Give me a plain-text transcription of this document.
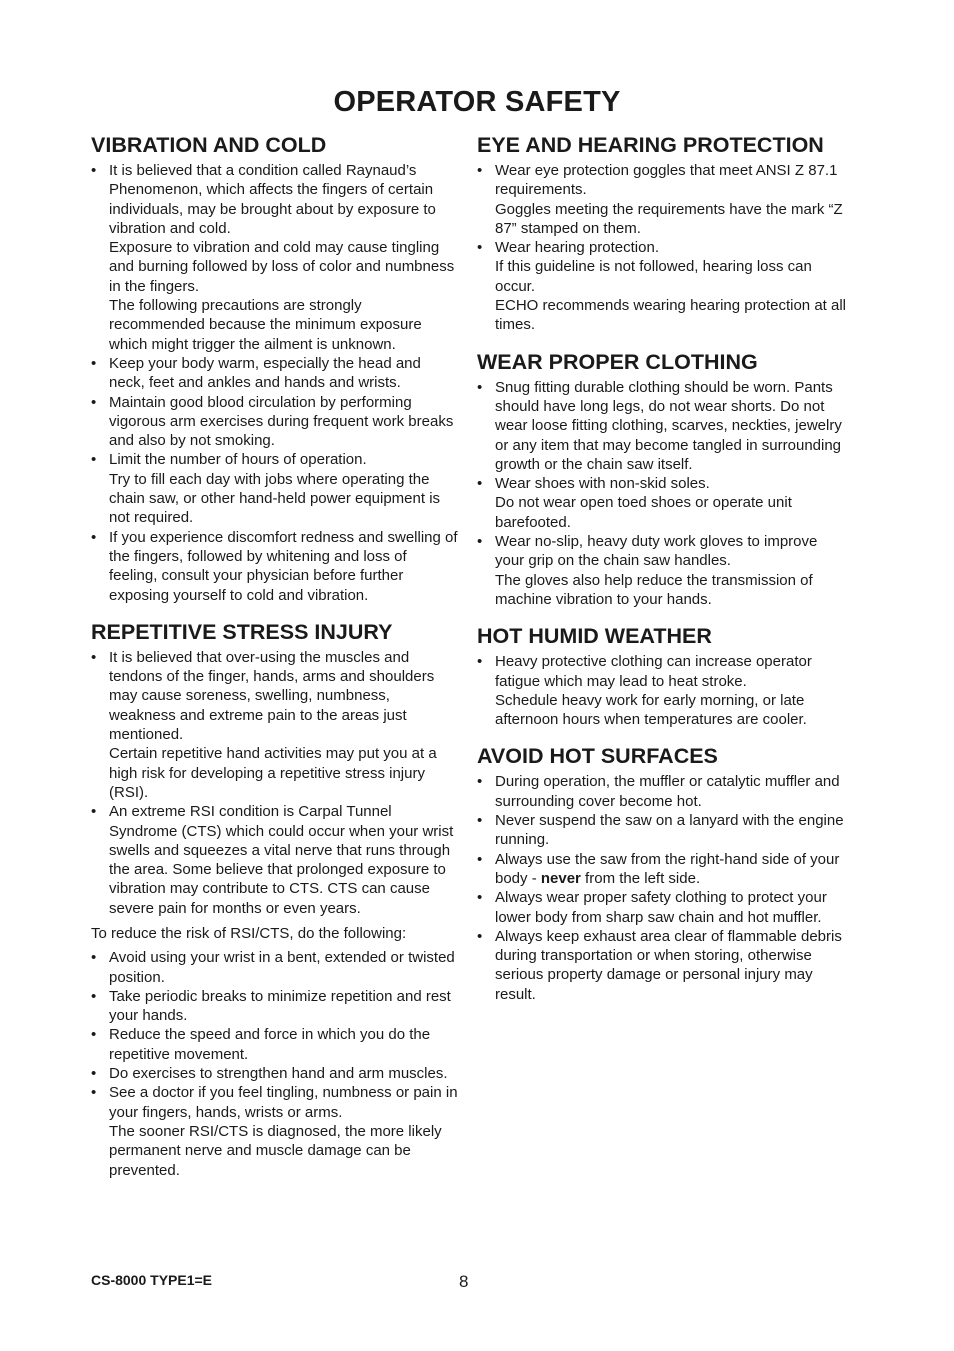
OPERATOR SAFETY
VIBRATION AND COLD
• It is believed that a condition called Raynaud’s Phenomenon, which affects the fingers of certain individuals, may be brought about by exposure to vibration and cold.
Exposure to vibration and cold may cause tingling and burning followed by loss of color and numbness in the fingers.
The following precautions are strongly recommended because the minimum exposure which might trigger the ailment is unknown.
• Keep your body warm, especially the head and neck, feet and ankles and hands and wrists.
• Maintain good blood circulation by performing vigorous arm exercises during frequent work breaks and also by not smoking.
• Limit the number of hours of operation.
Try to fill each day with jobs where operating the chain saw, or other hand-held power equipment is not required.
• If you experience discomfort redness and swelling of the fingers, followed by whitening and loss of feeling, consult your physician before further exposing yourself to cold and vibration.
REPETITIVE STRESS INJURY
• It is believed that over-using the muscles and tendons of the finger, hands, arms and shoulders may cause soreness, swelling, numbness, weakness and extreme pain to the areas just mentioned.
Certain repetitive hand activities may put you at a high risk for developing a repetitive stress injury (RSI).
• An extreme RSI condition is Carpal Tunnel Syndrome (CTS) which could occur when your wrist swells and squeezes a vital nerve that runs through the area. Some believe that prolonged exposure to vibration may contribute to CTS. CTS can cause severe pain for months or even years.

To reduce the risk of RSI/CTS, do the following:

• Avoid using your wrist in a bent, extended or twisted position.
• Take periodic breaks to minimize repetition and rest your hands.
• Reduce the speed and force in which you do the repetitive movement.
• Do exercises to strengthen hand and arm muscles.
• See a doctor if you feel tingling, numbness or pain in your fingers, hands, wrists or arms.
The sooner RSI/CTS is diagnosed, the more likely permanent nerve and muscle damage can be prevented.
EYE AND HEARING PROTECTION
• Wear eye protection goggles that meet ANSI Z 87.1 requirements.
Goggles meeting the requirements have the mark “Z 87” stamped on them.
• Wear hearing protection.
If this guideline is not followed, hearing loss can occur.
ECHO recommends wearing hearing protection at all times.
WEAR PROPER CLOTHING
• Snug fitting durable clothing should be worn. Pants should have long legs, do not wear shorts. Do not wear loose fitting clothing, scarves, neckties, jewelry or any item that may become tangled in surrounding growth or the chain saw itself.
• Wear shoes with non-skid soles.
Do not wear open toed shoes or operate unit barefooted.
• Wear no-slip, heavy duty work gloves to improve your grip on the chain saw handles.
The gloves also help reduce the transmission of machine vibration to your hands.
HOT HUMID WEATHER
• Heavy protective clothing can increase operator fatigue which may lead to heat stroke.
Schedule heavy work for early morning, or late afternoon hours when temperatures are cooler.
AVOID HOT SURFACES
• During operation, the muffler or catalytic muffler and surrounding cover become hot.
• Never suspend the saw on a lanyard with the engine running.
• Always use the saw from the right-hand side of your body - never from the left side.
• Always wear proper safety clothing to protect your lower body from sharp saw chain and hot muffler.
• Always keep exhaust area clear of flammable debris during transportation or when storing, otherwise serious property damage or personal injury may result.
CS-8000 TYPE1=E	8
